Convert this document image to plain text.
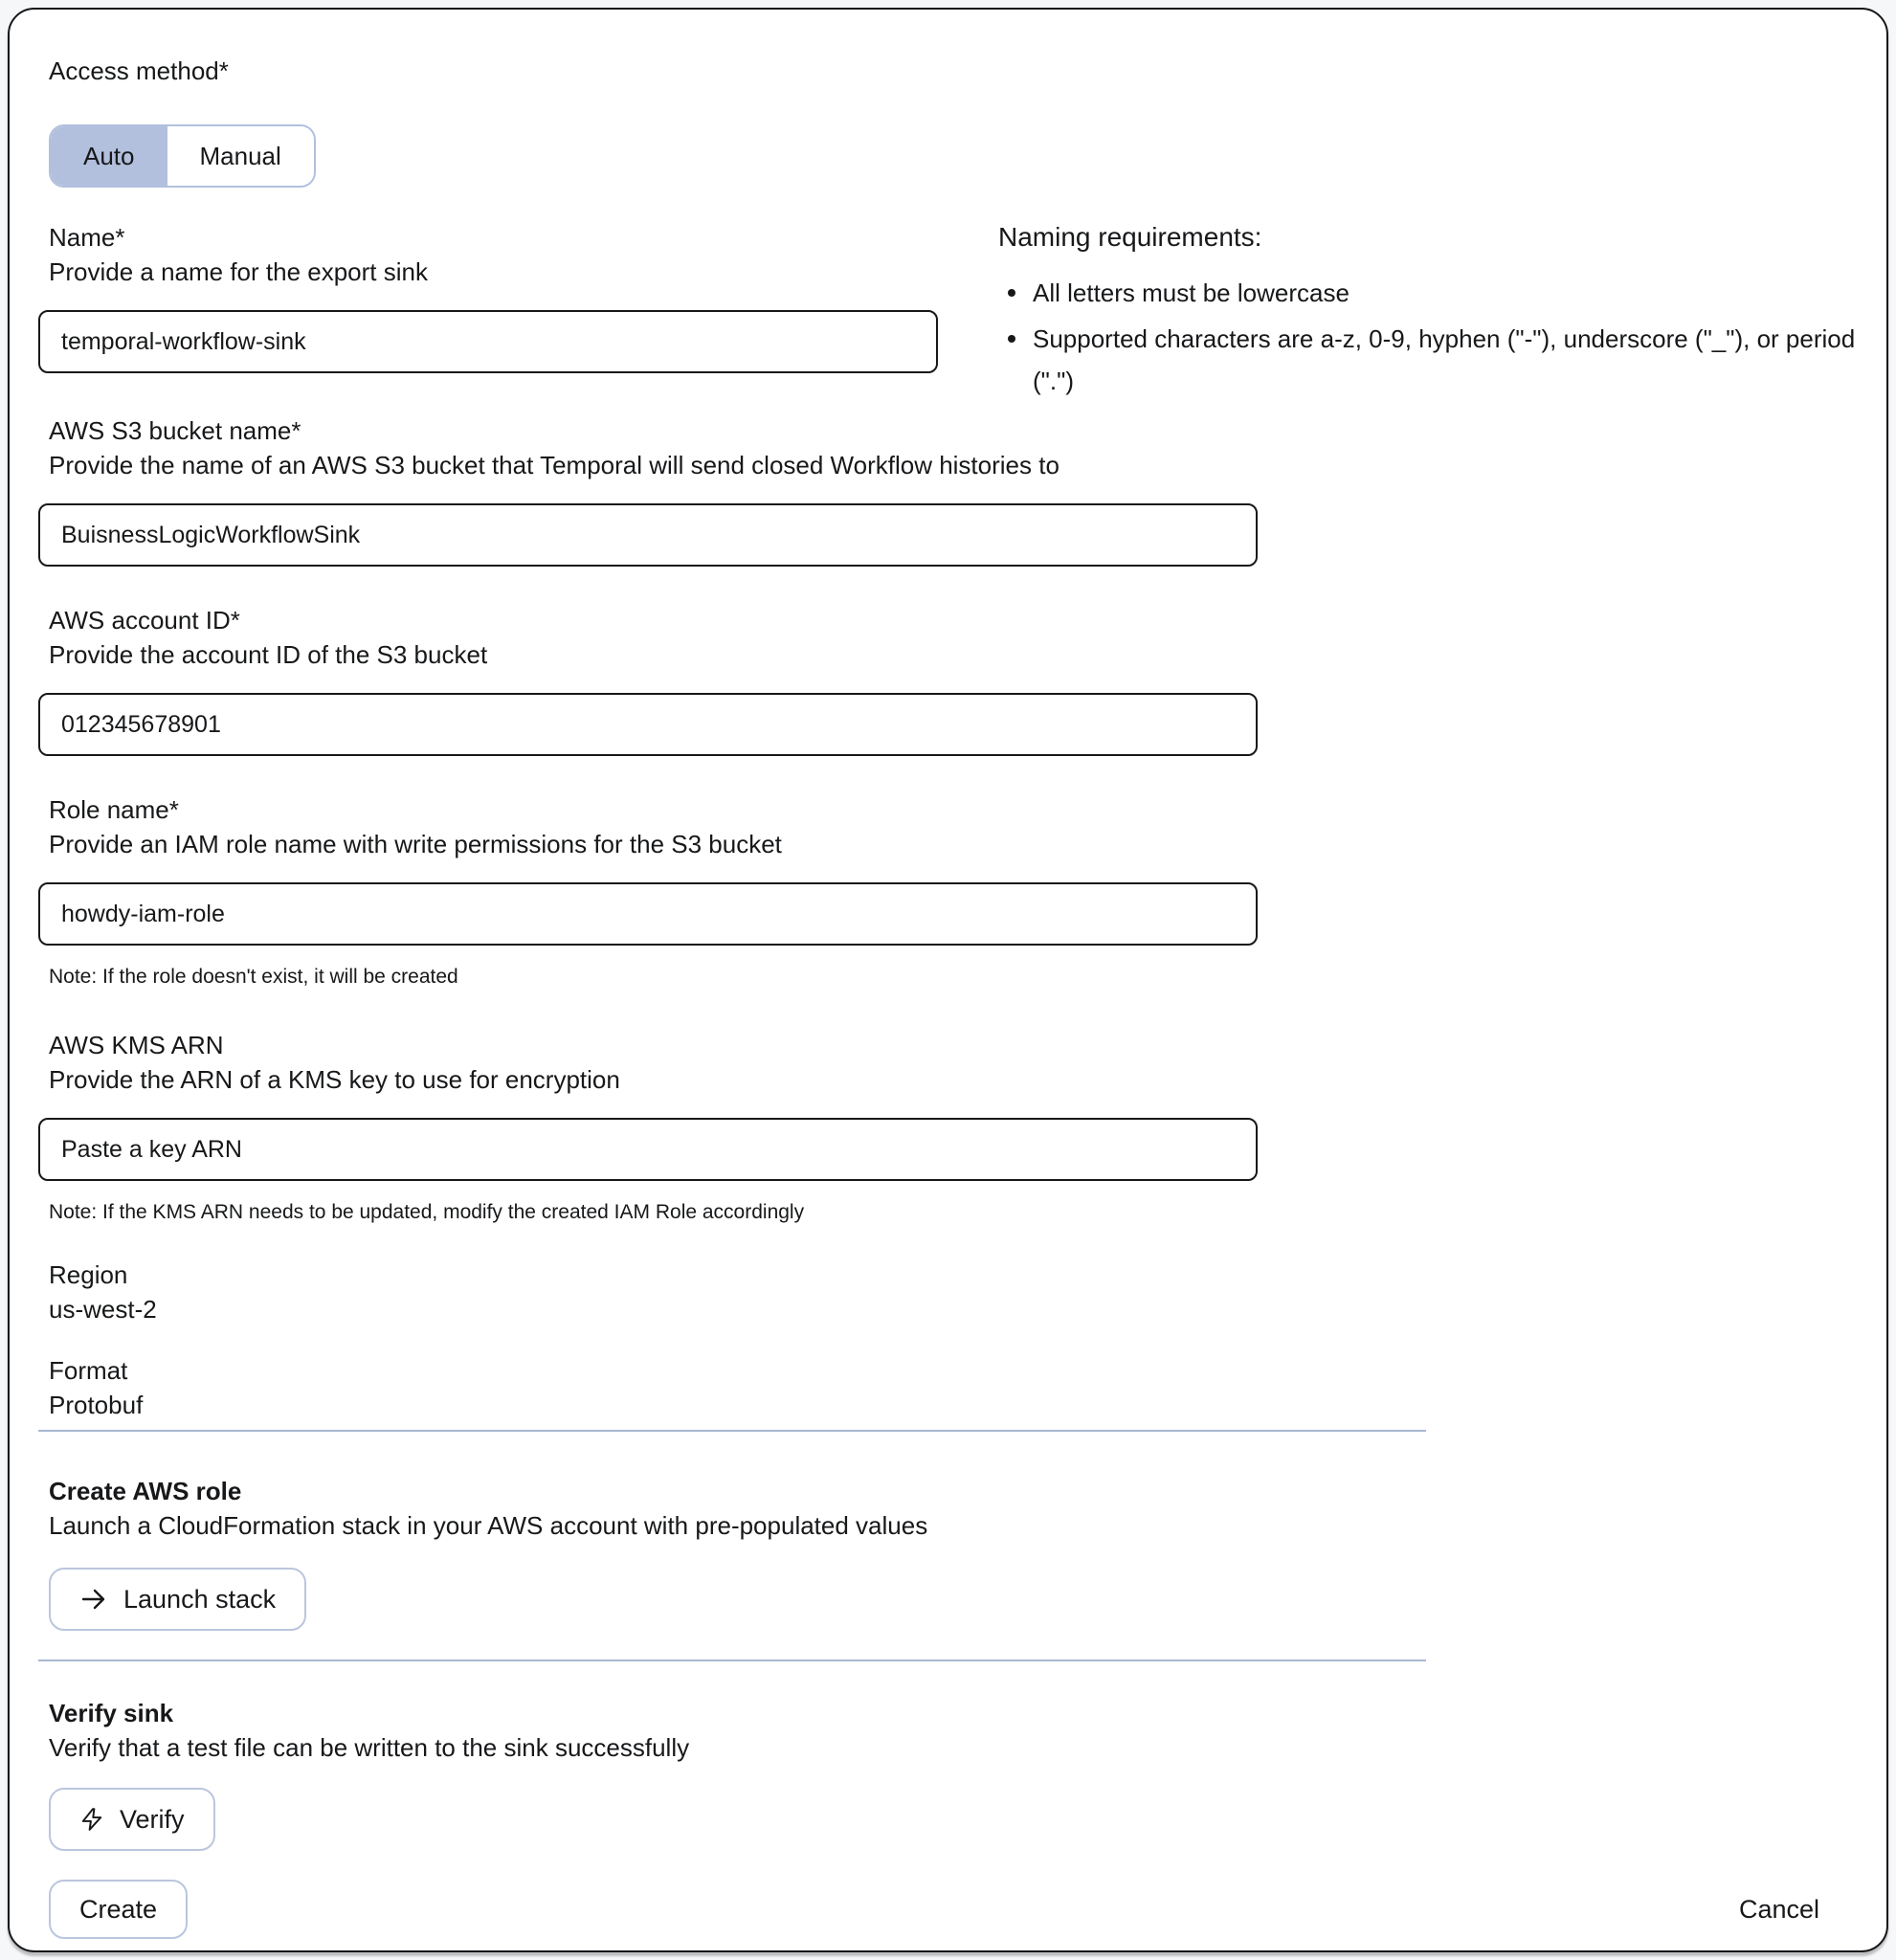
Access method*
Auto	Manual
Name*
Provide a name for the export sink
temporal-workflow-sink
Naming requirements:
All letters must be lowercase
Supported characters are a-z, 0-9, hyphen ("-"), underscore ("_"), or period (".")
AWS S3 bucket name*
Provide the name of an AWS S3 bucket that Temporal will send closed Workflow histories to
BuisnessLogicWorkflowSink
AWS account ID*
Provide the account ID of the S3 bucket
012345678901
Role name*
Provide an IAM role name with write permissions for the S3 bucket
howdy-iam-role
Note: If the role doesn't exist, it will be created
AWS KMS ARN
Provide the ARN of a KMS key to use for encryption
Paste a key ARN
Note: If the KMS ARN needs to be updated, modify the created IAM Role accordingly
Region
us-west-2
Format
Protobuf
Create AWS role
Launch a CloudFormation stack in your AWS account with pre-populated values
Launch stack
Verify sink
Verify that a test file can be written to the sink successfully
Verify
Create	Cancel
